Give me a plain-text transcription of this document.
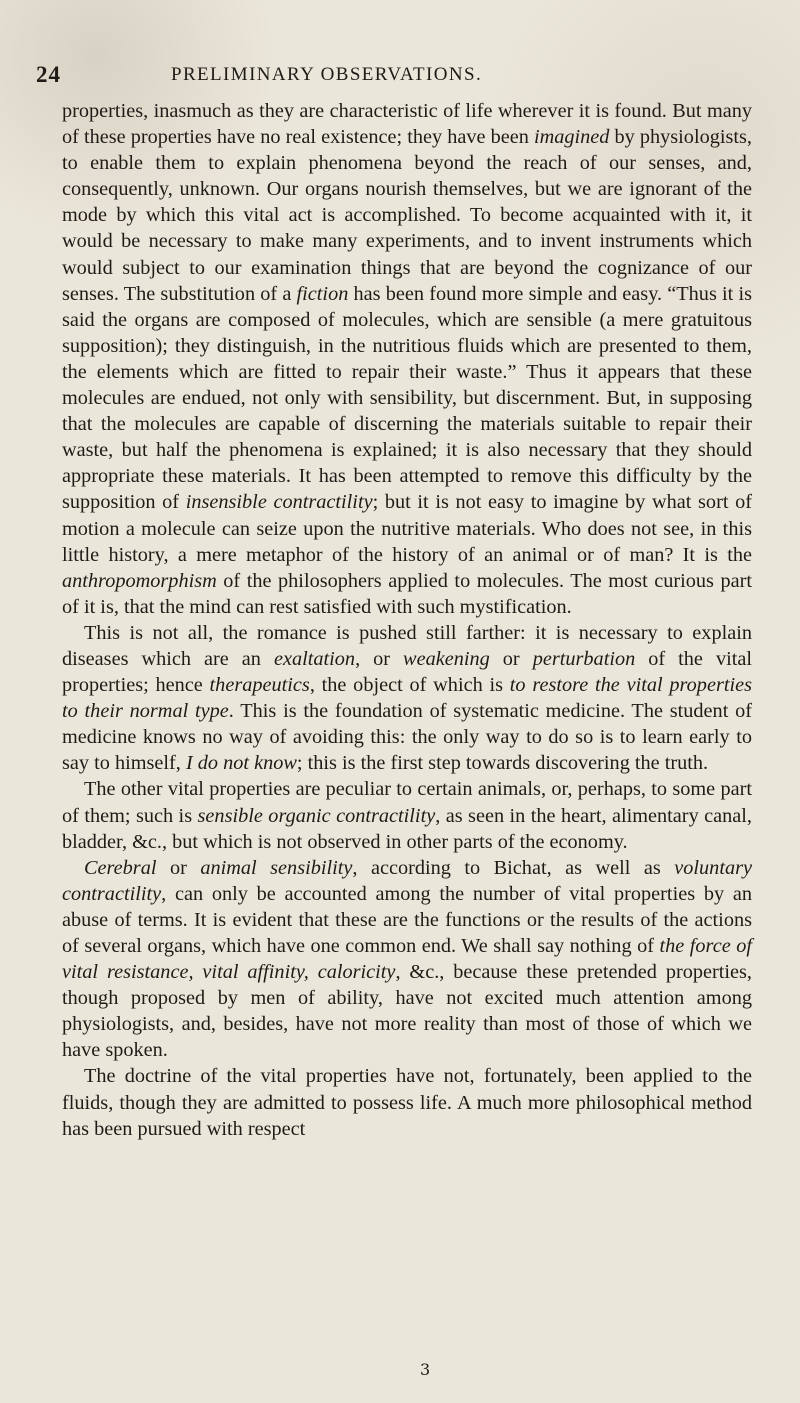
24	PRELIMINARY OBSERVATIONS.

properties, inasmuch as they are characteristic of life wherever it is found. But many of these properties have no real existence; they have been imagined by physiologists, to enable them to explain phenomena beyond the reach of our senses, and, consequently, unknown. Our organs nourish themselves, but we are ignorant of the mode by which this vital act is accomplished. To become acquainted with it, it would be necessary to make many experiments, and to invent instruments which would subject to our examination things that are beyond the cognizance of our senses. The substitution of a fiction has been found more simple and easy. “Thus it is said the organs are composed of molecules, which are sensible (a mere gratuitous supposition); they distinguish, in the nutritious fluids which are presented to them, the elements which are fitted to repair their waste.” Thus it appears that these molecules are endued, not only with sensibility, but discernment. But, in supposing that the molecules are capable of discerning the materials suitable to repair their waste, but half the phenomena is explained; it is also necessary that they should appropriate these materials. It has been attempted to remove this difficulty by the supposition of insensible contractility; but it is not easy to imagine by what sort of motion a molecule can seize upon the nutritive materials. Who does not see, in this little history, a mere metaphor of the history of an animal or of man? It is the anthropomorphism of the philosophers applied to molecules. The most curious part of it is, that the mind can rest satisfied with such mystification.

This is not all, the romance is pushed still farther: it is necessary to explain diseases which are an exaltation, or weakening or perturbation of the vital properties; hence therapeutics, the object of which is to restore the vital properties to their normal type. This is the foundation of systematic medicine. The student of medicine knows no way of avoiding this: the only way to do so is to learn early to say to himself, I do not know; this is the first step towards discovering the truth.

The other vital properties are peculiar to certain animals, or, perhaps, to some part of them; such is sensible organic contractility, as seen in the heart, alimentary canal, bladder, &c., but which is not observed in other parts of the economy.

Cerebral or animal sensibility, according to Bichat, as well as voluntary contractility, can only be accounted among the number of vital properties by an abuse of terms. It is evident that these are the functions or the results of the actions of several organs, which have one common end. We shall say nothing of the force of vital resistance, vital affinity, caloricity, &c., because these pretended properties, though proposed by men of ability, have not excited much attention among physiologists, and, besides, have not more reality than most of those of which we have spoken.

The doctrine of the vital properties have not, fortunately, been applied to the fluids, though they are admitted to possess life. A much more philosophical method has been pursued with respect

3
